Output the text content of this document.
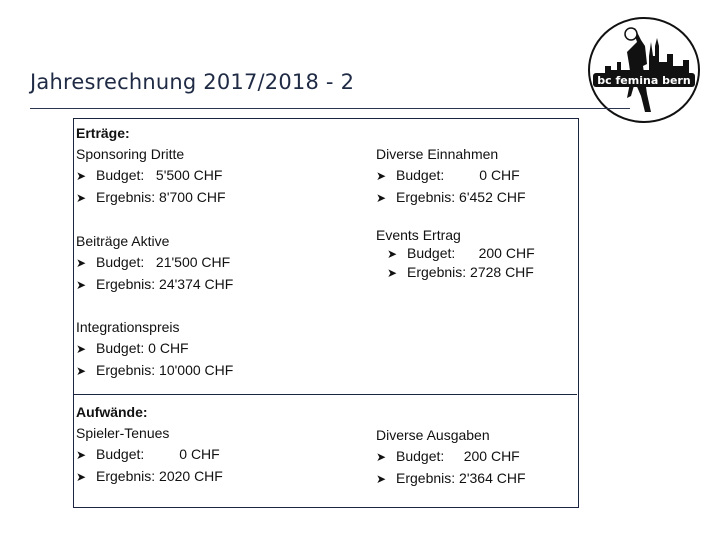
Jahresrechnung 2017/2018 - 2	bc femina bern
Erträge:
Sponsoring Dritte
➤ Budget:   5'500 CHF
➤ Ergebnis: 8'700 CHF
Beiträge Aktive
➤ Budget:   21'500 CHF
➤ Ergebnis: 24'374 CHF
Integrationspreis
➤ Budget: 0 CHF
➤ Ergebnis: 10'000 CHF
Diverse Einnahmen
➤ Budget:         0 CHF
➤ Ergebnis: 6'452 CHF
Events Ertrag
➤ Budget:      200 CHF
➤ Ergebnis: 2728 CHF
Aufwände:
Spieler-Tenues
➤ Budget:         0 CHF
➤ Ergebnis: 2020 CHF
Diverse Ausgaben
➤ Budget:     200 CHF
➤ Ergebnis: 2'364 CHF
